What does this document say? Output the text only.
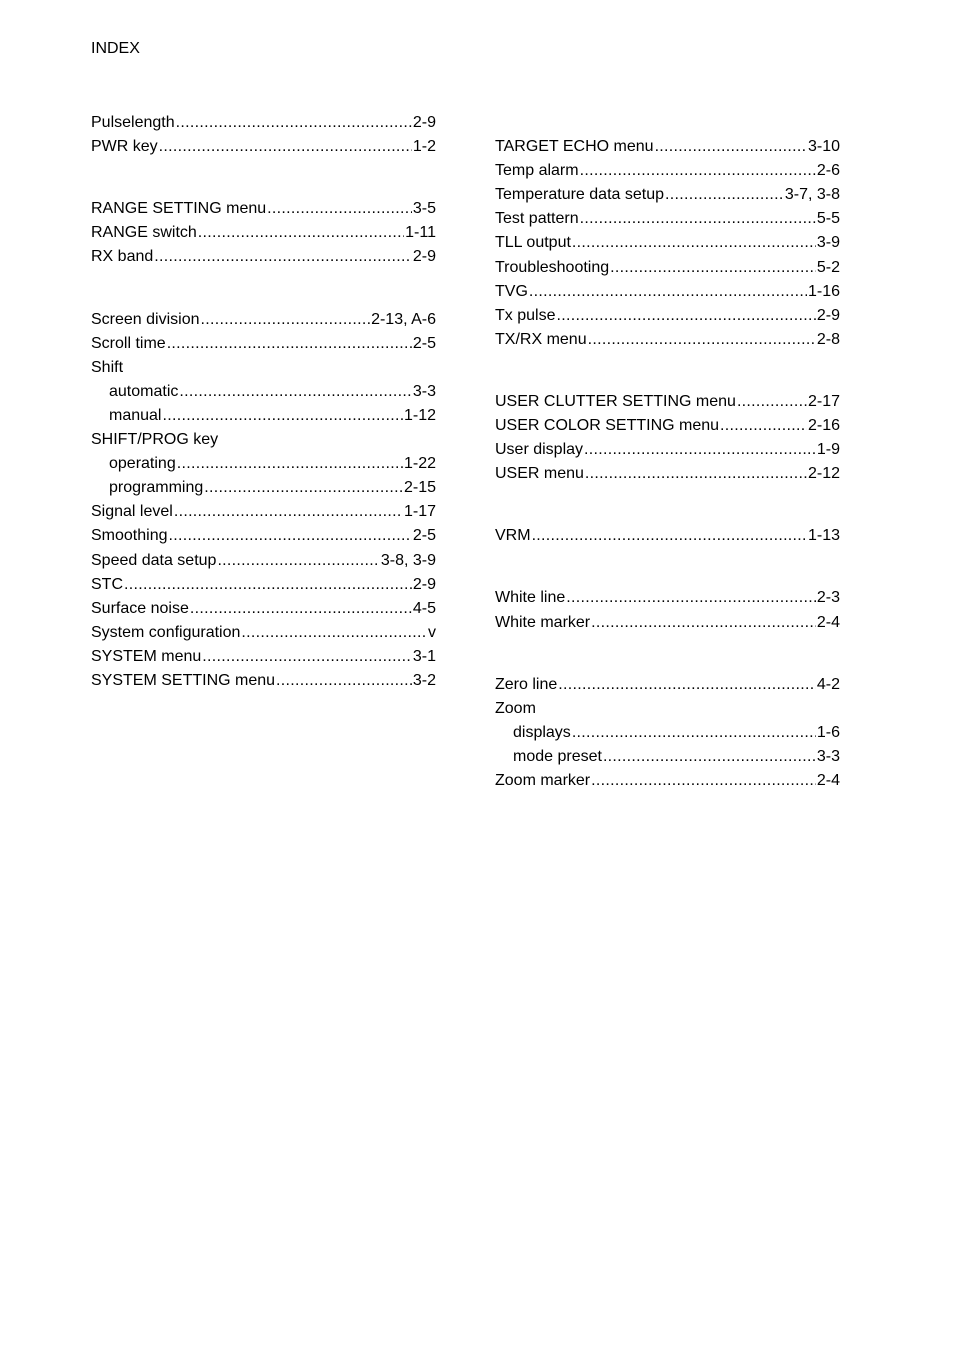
INDEX
Pulselength .....	2-9
PWR key .....	1-2
RANGE SETTING menu .....	3-5
RANGE switch .....	1-11
RX band .....	2-9
Screen division .....	2-13, A-6
Scroll time .....	2-5
Shift
automatic .....	3-3
manual .....	1-12
SHIFT/PROG key
operating .....	1-22
programming .....	2-15
Signal level .....	1-17
Smoothing .....	2-5
Speed data setup .....	3-8, 3-9
STC .....	2-9
Surface noise .....	4-5
System configuration .....	v
SYSTEM menu .....	3-1
SYSTEM SETTING menu .....	3-2
TARGET ECHO menu .....	3-10
Temp alarm .....	2-6
Temperature data setup .....	3-7, 3-8
Test pattern .....	5-5
TLL output .....	3-9
Troubleshooting .....	5-2
TVG .....	1-16
Tx pulse .....	2-9
TX/RX menu .....	2-8
USER CLUTTER SETTING menu .....	2-17
USER COLOR SETTING menu .....	2-16
User display .....	1-9
USER menu .....	2-12
VRM .....	1-13
White line .....	2-3
White marker .....	2-4
Zero line .....	4-2
Zoom
displays .....	1-6
mode preset .....	3-3
Zoom marker .....	2-4
